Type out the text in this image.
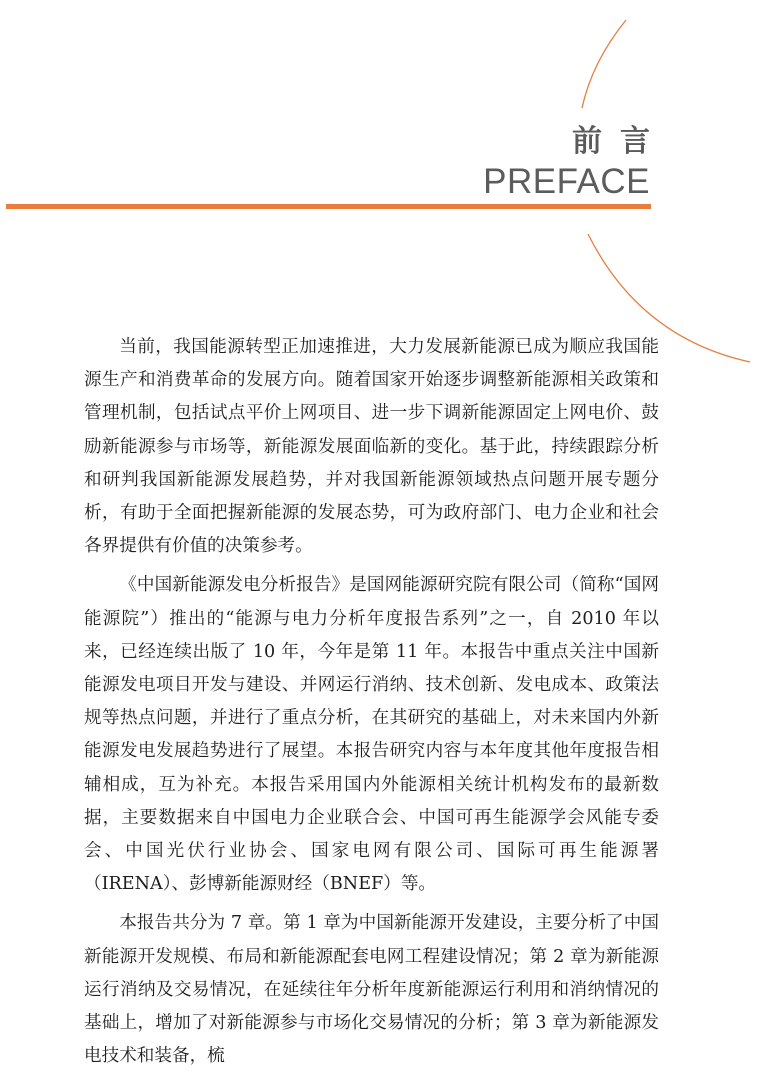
前言
PREFACE

当前，我国能源转型正加速推进，大力发展新能源已成为顺应我国能源生产和消费革命的发展方向。随着国家开始逐步调整新能源相关政策和管理机制，包括试点平价上网项目、进一步下调新能源固定上网电价、鼓励新能源参与市场等，新能源发展面临新的变化。基于此，持续跟踪分析和研判我国新能源发展趋势，并对我国新能源领域热点问题开展专题分析，有助于全面把握新能源的发展态势，可为政府部门、电力企业和社会各界提供有价值的决策参考。

《中国新能源发电分析报告》是国网能源研究院有限公司（简称“国网能源院”）推出的“能源与电力分析年度报告系列”之一，自 2010 年以来，已经连续出版了 10 年，今年是第 11 年。本报告中重点关注中国新能源发电项目开发与建设、并网运行消纳、技术创新、发电成本、政策法规等热点问题，并进行了重点分析，在其研究的基础上，对未来国内外新能源发电发展趋势进行了展望。本报告研究内容与本年度其他年度报告相辅相成，互为补充。本报告采用国内外能源相关统计机构发布的最新数据，主要数据来自中国电力企业联合会、中国可再生能源学会风能专委会、中国光伏行业协会、国家电网有限公司、国际可再生能源署（IRENA）、彭博新能源财经（BNEF）等。

本报告共分为 7 章。第 1 章为中国新能源开发建设，主要分析了中国新能源开发规模、布局和新能源配套电网工程建设情况；第 2 章为新能源运行消纳及交易情况，在延续往年分析年度新能源运行利用和消纳情况的基础上，增加了对新能源参与市场化交易情况的分析；第 3 章为新能源发电技术和装备，梳
